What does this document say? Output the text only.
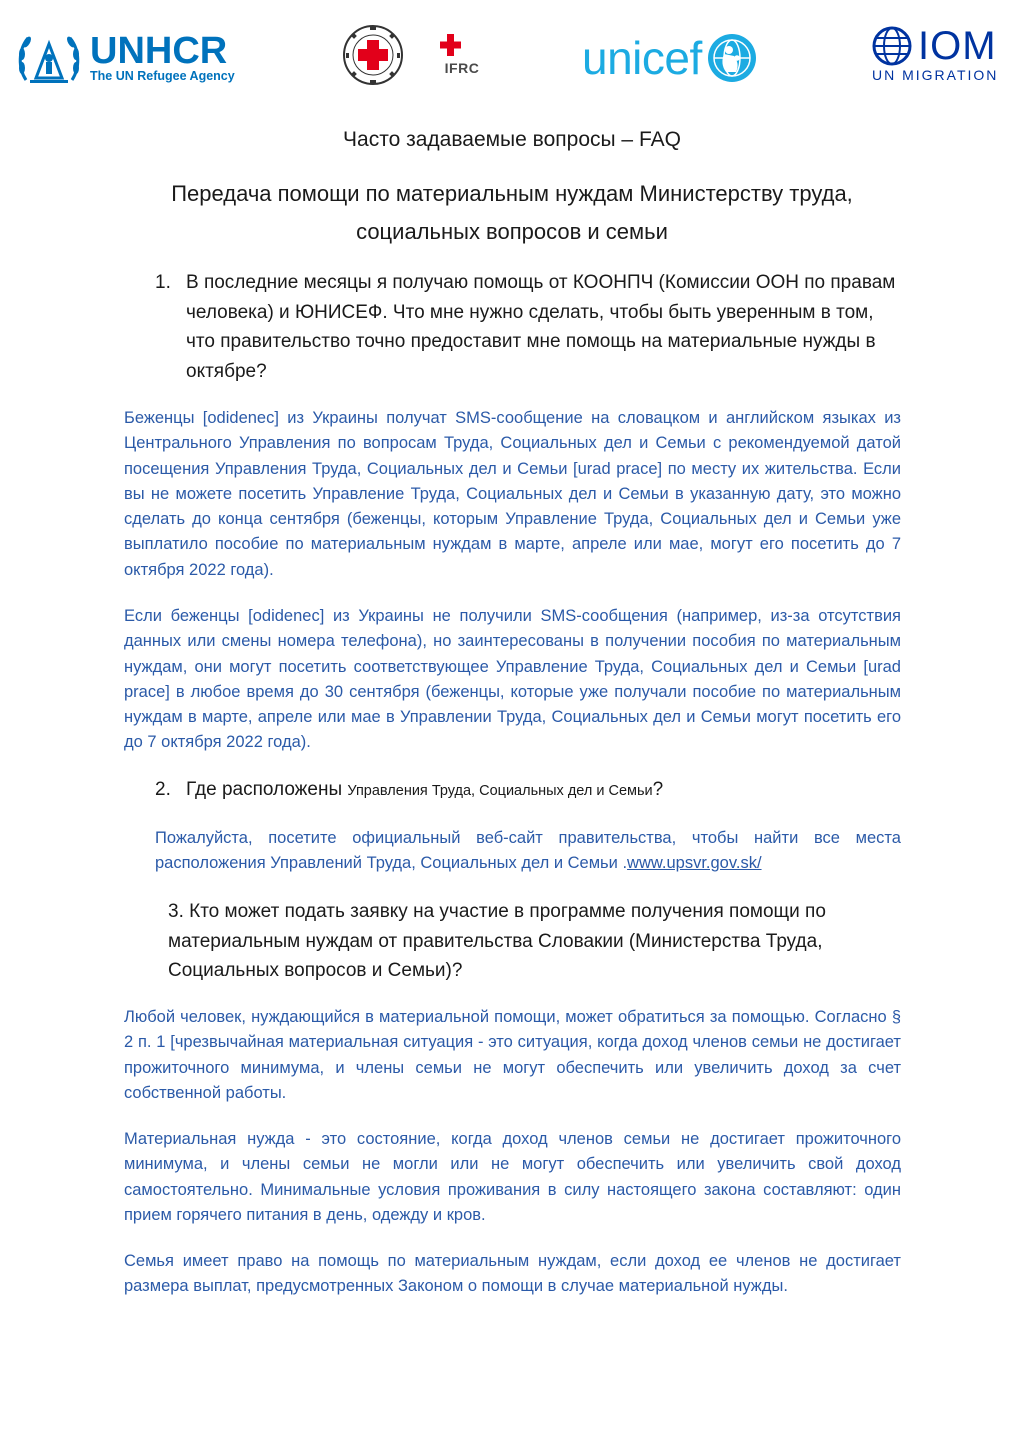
UNHCR
The UN Refugee Agency	IFRC unicef	IOM
UN MIGRATION
Часто задаваемые вопросы – FAQ
Передача помощи по материальным нуждам Министерству труда, социальных вопросов и семьи
1. В последние месяцы я получаю помощь от КООНПЧ (Комиссии ООН по правам человека) и ЮНИСЕФ. Что мне нужно сделать, чтобы быть уверенным в том, что правительство точно предоставит мне помощь на материальные нужды в октябре?

Беженцы [odidenec] из Украины получат SMS-сообщение на словацком и английском языках из Центрального Управления по вопросам Труда, Социальных дел и Семьи с рекомендуемой датой посещения Управления Труда, Социальных дел и Семьи [urad prace] по месту их жительства. Если вы не можете посетить Управление Труда, Социальных дел и Семьи в указанную дату, это можно сделать до конца сентября (беженцы, которым Управление Труда, Социальных дел и Семьи уже выплатило пособие по материальным нуждам в марте, апреле или мае, могут его посетить до 7 октября 2022 года).

Если беженцы [odidenec] из Украины не получили SMS-сообщения (например, из-за отсутствия данных или смены номера телефона), но заинтересованы в получении пособия по материальным нуждам, они могут посетить соответствующее Управление Труда, Социальных дел и Семьи [urad prace] в любое время до 30 сентября (беженцы, которые уже получали пособие по материальным нуждам в марте, апреле или мае в Управлении Труда, Социальных дел и Семьи могут посетить его до 7 октября 2022 года).

2. Где расположены Управления Труда, Социальных дел и Семьи?

Пожалуйста, посетите официальный веб-сайт правительства, чтобы найти все места расположения Управлений Труда, Социальных дел и Семьи .www.upsvr.gov.sk/

3. Кто может подать заявку на участие в программе получения помощи по материальным нуждам от правительства Словакии (Министерства Труда, Социальных вопросов и Семьи)?

Любой человек, нуждающийся в материальной помощи, может обратиться за помощью. Согласно § 2 п. 1 [чрезвычайная материальная ситуация - это ситуация, когда доход членов семьи не достигает прожиточного минимума, и члены семьи не могут обеспечить или увеличить доход за счет собственной работы.

Материальная нужда - это состояние, когда доход членов семьи не достигает прожиточного минимума, и члены семьи не могли или не могут обеспечить или увеличить свой доход самостоятельно. Минимальные условия проживания в силу настоящего закона составляют: один прием горячего питания в день, одежду и кров.

Семья имеет право на помощь по материальным нуждам, если доход ее членов не достигает размера выплат, предусмотренных Законом о помощи в случае материальной нужды.
